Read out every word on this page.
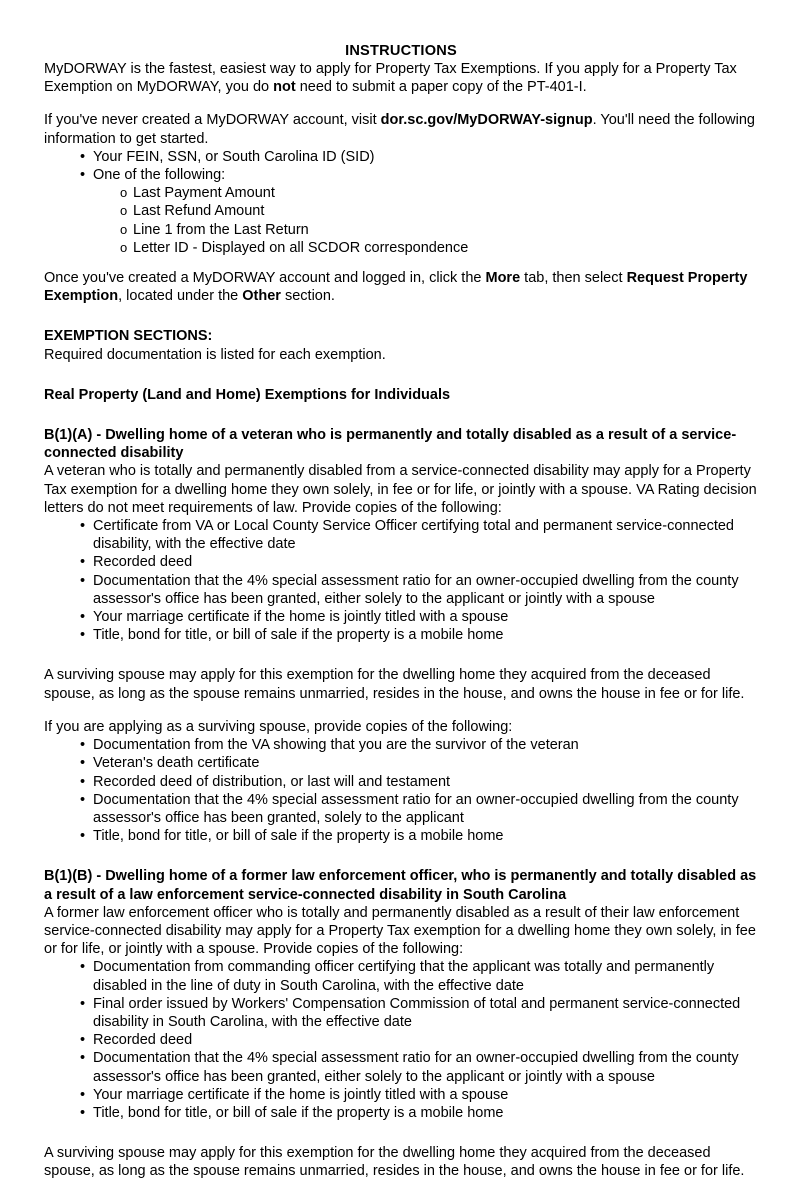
INSTRUCTIONS

MyDORWAY is the fastest, easiest way to apply for Property Tax Exemptions. If you apply for a Property Tax Exemption on MyDORWAY, you do not need to submit a paper copy of the PT-401-I.

If you've never created a MyDORWAY account, visit dor.sc.gov/MyDORWAY-signup. You'll need the following information to get started.

• Your FEIN, SSN, or South Carolina ID (SID)
• One of the following:
o Last Payment Amount
o Last Refund Amount
o Line 1 from the Last Return
o Letter ID - Displayed on all SCDOR correspondence

Once you've created a MyDORWAY account and logged in, click the More tab, then select Request Property Exemption, located under the Other section.

EXEMPTION SECTIONS:

Required documentation is listed for each exemption.

Real Property (Land and Home) Exemptions for Individuals
B(1)(A) - Dwelling home of a veteran who is permanently and totally disabled as a result of a service-connected disability

A veteran who is totally and permanently disabled from a service-connected disability may apply for a Property Tax exemption for a dwelling home they own solely, in fee or for life, or jointly with a spouse. VA Rating decision letters do not meet requirements of law. Provide copies of the following:

• Certificate from VA or Local County Service Officer certifying total and permanent service-connected disability, with the effective date
• Recorded deed
• Documentation that the 4% special assessment ratio for an owner-occupied dwelling from the county assessor's office has been granted, either solely to the applicant or jointly with a spouse
• Your marriage certificate if the home is jointly titled with a spouse
• Title, bond for title, or bill of sale if the property is a mobile home

A surviving spouse may apply for this exemption for the dwelling home they acquired from the deceased spouse, as long as the spouse remains unmarried, resides in the house, and owns the house in fee or for life.

If you are applying as a surviving spouse, provide copies of the following:

• Documentation from the VA showing that you are the survivor of the veteran
• Veteran's death certificate
• Recorded deed of distribution, or last will and testament
• Documentation that the 4% special assessment ratio for an owner-occupied dwelling from the county assessor's office has been granted, solely to the applicant
• Title, bond for title, or bill of sale if the property is a mobile home
B(1)(B) - Dwelling home of a former law enforcement officer, who is permanently and totally disabled as a result of a law enforcement service-connected disability in South Carolina

A former law enforcement officer who is totally and permanently disabled as a result of their law enforcement service-connected disability may apply for a Property Tax exemption for a dwelling home they own solely, in fee or for life, or jointly with a spouse. Provide copies of the following:

• Documentation from commanding officer certifying that the applicant was totally and permanently disabled in the line of duty in South Carolina, with the effective date
• Final order issued by Workers' Compensation Commission of total and permanent service-connected disability in South Carolina, with the effective date
• Recorded deed
• Documentation that the 4% special assessment ratio for an owner-occupied dwelling from the county assessor's office has been granted, either solely to the applicant or jointly with a spouse
• Your marriage certificate if the home is jointly titled with a spouse
• Title, bond for title, or bill of sale if the property is a mobile home

A surviving spouse may apply for this exemption for the dwelling home they acquired from the deceased spouse, as long as the spouse remains unmarried, resides in the house, and owns the house in fee or for life.
